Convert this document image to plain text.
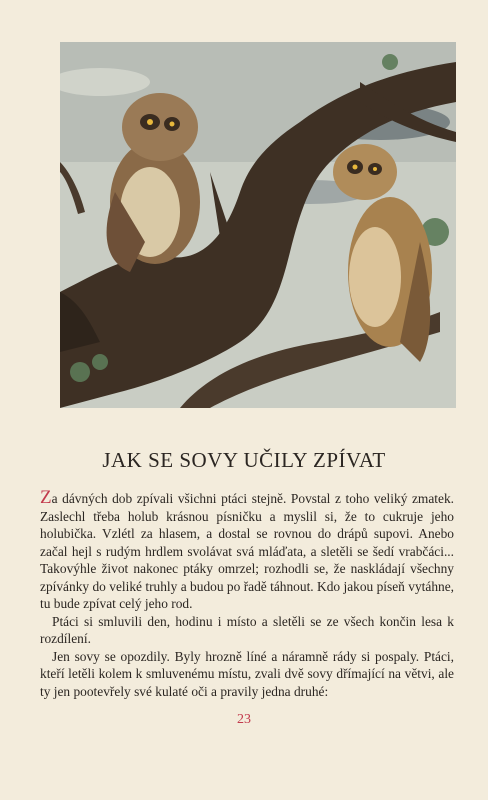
JAK SE SOVY UČILY ZPÍVAT

Za dávných dob zpívali všichni ptáci stejně. Povstal z toho veliký zmatek. Zaslechl třeba holub krásnou písničku a myslil si, že to cukruje jeho holubička. Vzlétl za hlasem, a dostal se rovnou do drápů supovi. Anebo začal hejl s rudým hrdlem svolávat svá mláďata, a sletěli se šedí vrabčáci... Takovýhle život nakonec ptáky omrzel; rozhodli se, že naskládají všechny zpívánky do veliké truhly a budou po řadě táhnout. Kdo jakou píseň vytáhne, tu bude zpívat celý jeho rod.

Ptáci si smluvili den, hodinu i místo a sletěli se ze všech končin lesa k rozdílení.

Jen sovy se opozdily. Byly hrozně líné a náramně rády si pospaly. Ptáci, kteří letěli kolem k smluvenému místu, zvali dvě sovy dřímající na větvi, ale ty jen pootevřely své kulaté oči a pravily jedna druhé:

23
